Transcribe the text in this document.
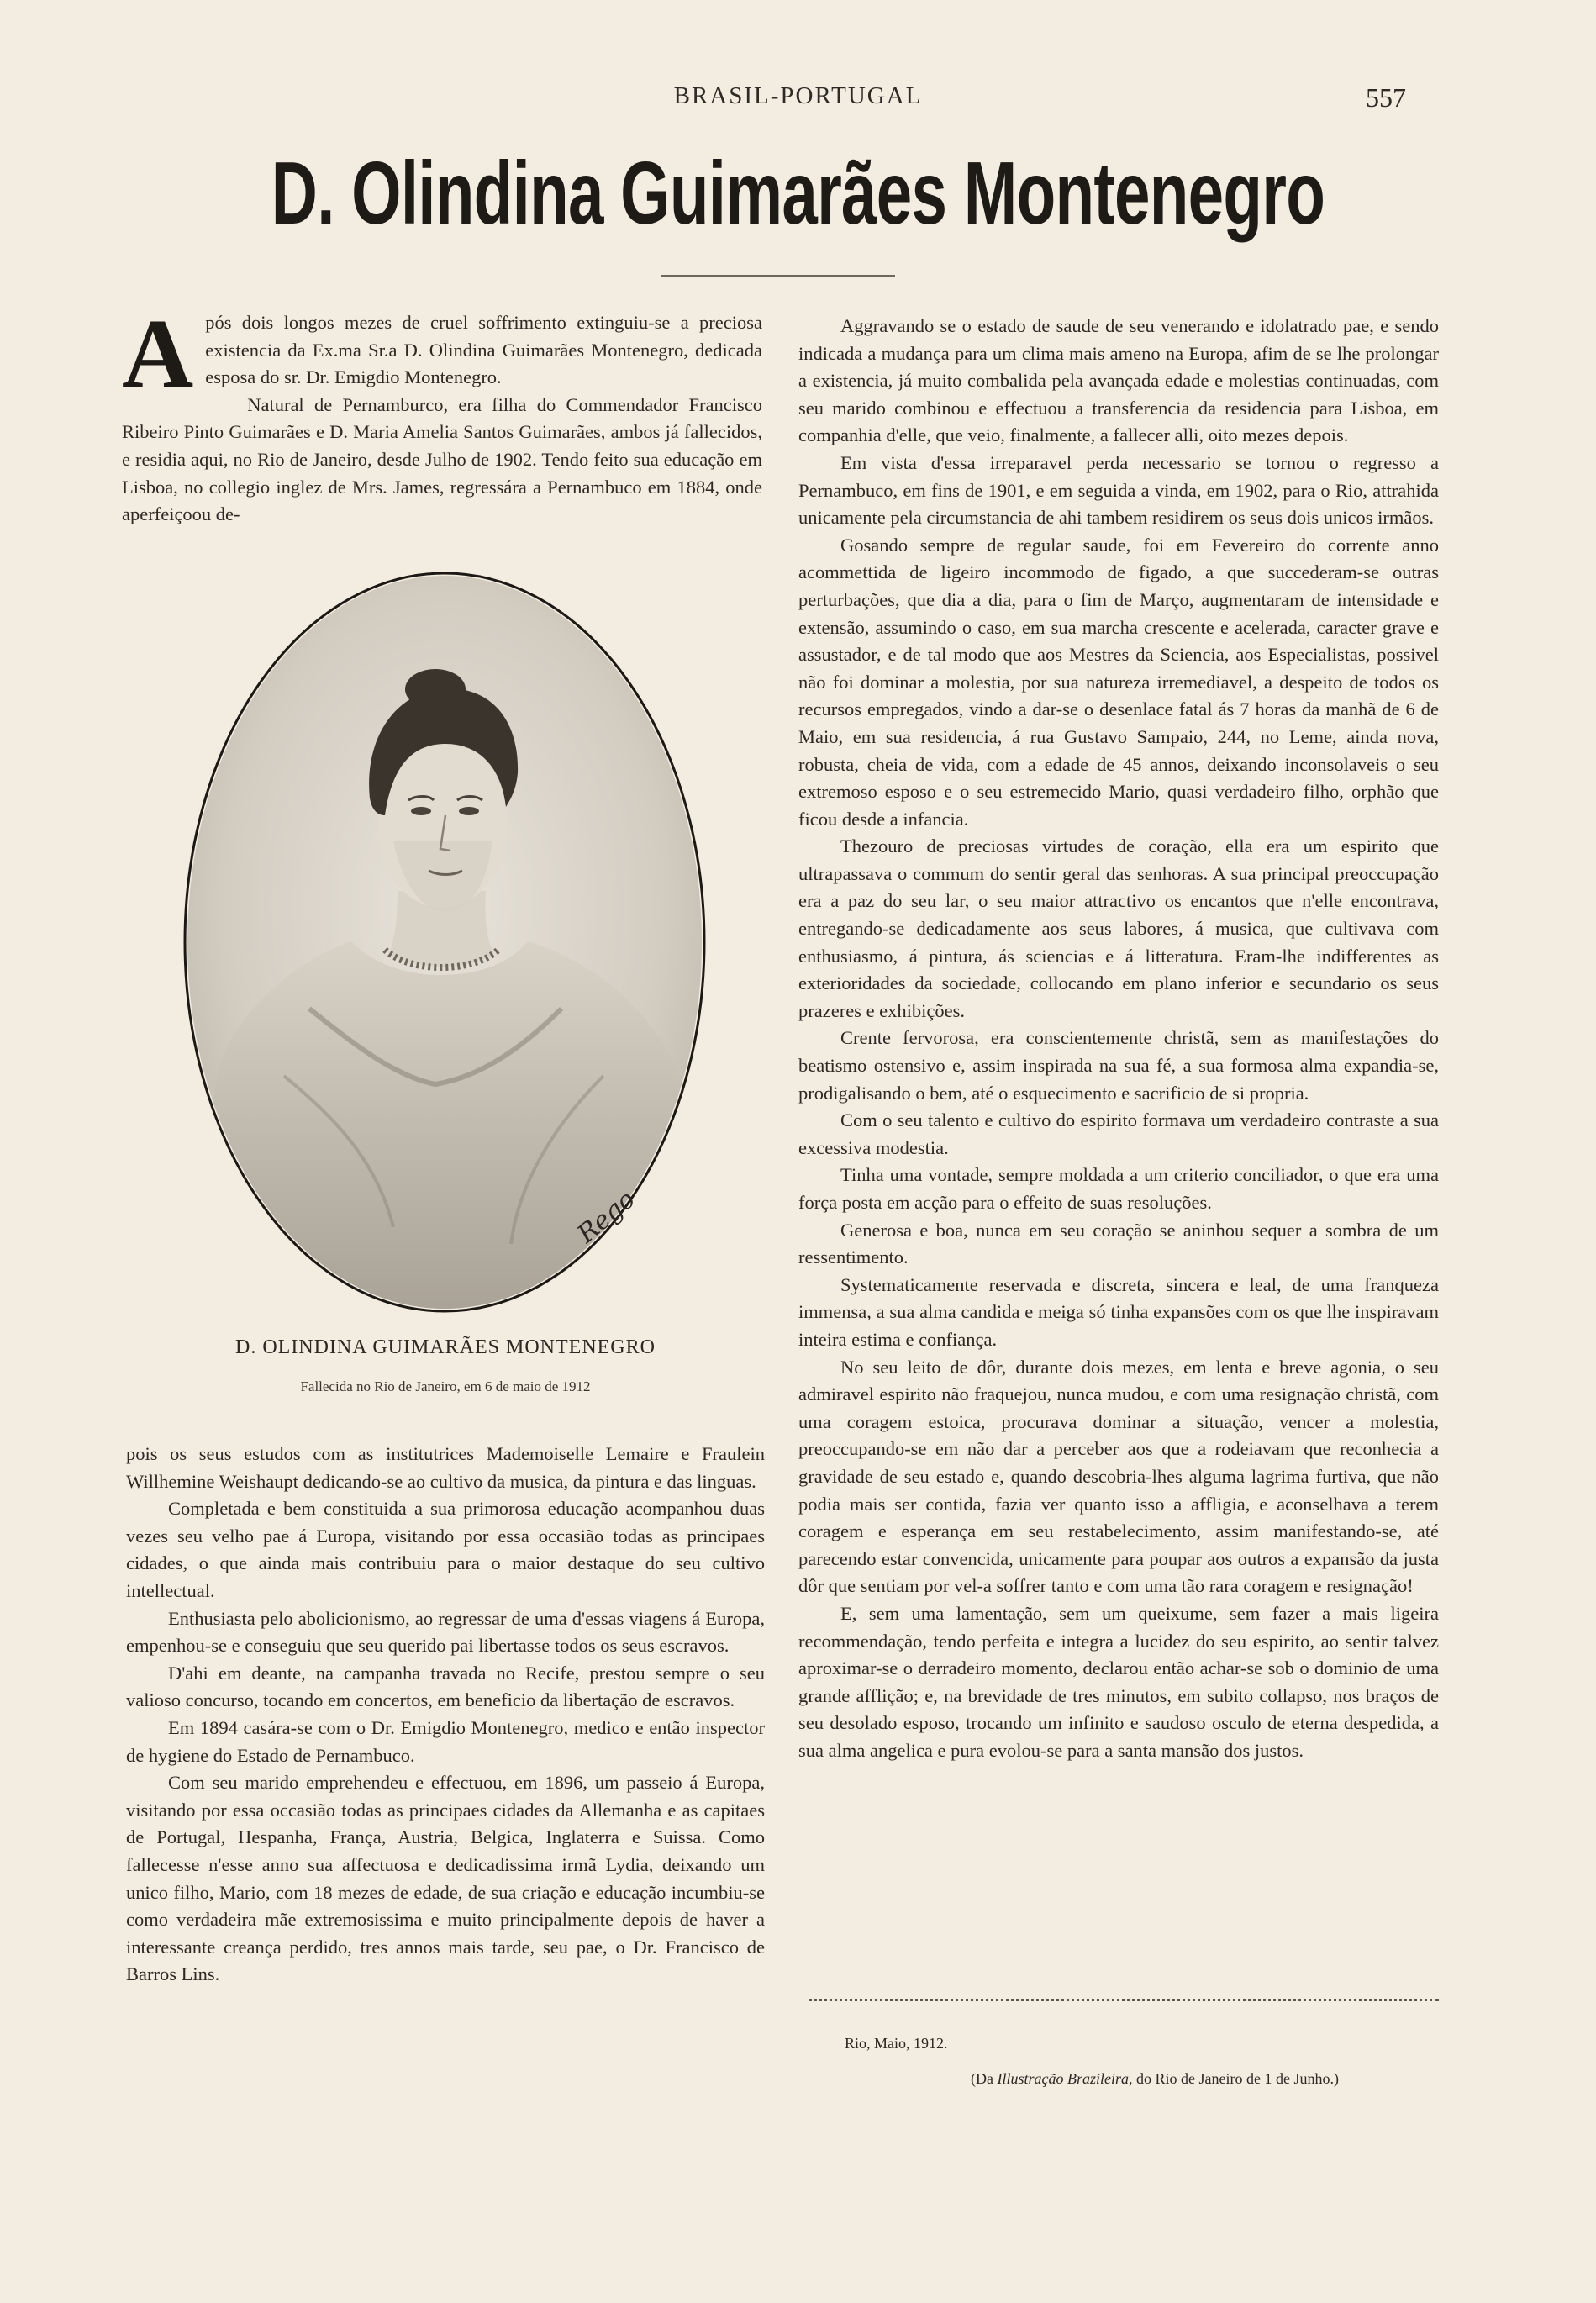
BRASIL-PORTUGAL	557
D. Olindina Guimarães Montenegro

Após dois longos mezes de cruel soffrimento extinguiu-se a preciosa existencia da Ex.ma Sr.a D. Olindina Guimarães Montenegro, dedicada esposa do sr. Dr. Emigdio Montenegro.

Natural de Pernamburco, era filha do Commendador Francisco Ribeiro Pinto Guimarães e D. Maria Amelia Santos Guimarães, ambos já fallecidos, e residia aqui, no Rio de Janeiro, desde Julho de 1902. Tendo feito sua educação em Lisboa, no collegio inglez de Mrs. James, regressára a Pernambuco em 1884, onde aperfeiçoou de-

Rego
D. OLINDINA GUIMARÃES MONTENEGRO
Fallecida no Rio de Janeiro, em 6 de maio de 1912

pois os seus estudos com as institutrices Mademoiselle Lemaire e Fraulein Willhemine Weishaupt dedicando-se ao cultivo da musica, da pintura e das linguas.

Completada e bem constituida a sua primorosa educação acompanhou duas vezes seu velho pae á Europa, visitando por essa occasião todas as principaes cidades, o que ainda mais contribuiu para o maior destaque do seu cultivo intellectual.

Enthusiasta pelo abolicionismo, ao regressar de uma d'essas viagens á Europa, empenhou-se e conseguiu que seu querido pai libertasse todos os seus escravos.

D'ahi em deante, na campanha travada no Recife, prestou sempre o seu valioso concurso, tocando em concertos, em beneficio da libertação de escravos.

Em 1894 casára-se com o Dr. Emigdio Montenegro, medico e então inspector de hygiene do Estado de Pernambuco.

Com seu marido emprehendeu e effectuou, em 1896, um passeio á Europa, visitando por essa occasião todas as principaes cidades da Allemanha e as capitaes de Portugal, Hespanha, França, Austria, Belgica, Inglaterra e Suissa. Como fallecesse n'esse anno sua affectuosa e dedicadissima irmã Lydia, deixando um unico filho, Mario, com 18 mezes de edade, de sua criação e educação incumbiu-se como verdadeira mãe extremosissima e muito principalmente depois de haver a interessante creança perdido, tres annos mais tarde, seu pae, o Dr. Francisco de Barros Lins.

Aggravando se o estado de saude de seu venerando e idolatrado pae, e sendo indicada a mudança para um clima mais ameno na Europa, afim de se lhe prolongar a existencia, já muito combalida pela avançada edade e molestias continuadas, com seu marido combinou e effectuou a transferencia da residencia para Lisboa, em companhia d'elle, que veio, finalmente, a fallecer alli, oito mezes depois.

Em vista d'essa irreparavel perda necessario se tornou o regresso a Pernambuco, em fins de 1901, e em seguida a vinda, em 1902, para o Rio, attrahida unicamente pela circumstancia de ahi tambem residirem os seus dois unicos irmãos.

Gosando sempre de regular saude, foi em Fevereiro do corrente anno acommettida de ligeiro incommodo de figado, a que succederam-se outras perturbações, que dia a dia, para o fim de Março, augmentaram de intensidade e extensão, assumindo o caso, em sua marcha crescente e acelerada, caracter grave e assustador, e de tal modo que aos Mestres da Sciencia, aos Especialistas, possivel não foi dominar a molestia, por sua natureza irremediavel, a despeito de todos os recursos empregados, vindo a dar-se o desenlace fatal ás 7 horas da manhã de 6 de Maio, em sua residencia, á rua Gustavo Sampaio, 244, no Leme, ainda nova, robusta, cheia de vida, com a edade de 45 annos, deixando inconsolaveis o seu extremoso esposo e o seu estremecido Mario, quasi verdadeiro filho, orphão que ficou desde a infancia.

Thezouro de preciosas virtudes de coração, ella era um espirito que ultrapassava o commum do sentir geral das senhoras. A sua principal preoccupação era a paz do seu lar, o seu maior attractivo os encantos que n'elle encontrava, entregando-se dedicadamente aos seus labores, á musica, que cultivava com enthusiasmo, á pintura, ás sciencias e á litteratura. Eram-lhe indifferentes as exterioridades da sociedade, collocando em plano inferior e secundario os seus prazeres e exhibições.

Crente fervorosa, era conscientemente christã, sem as manifestações do beatismo ostensivo e, assim inspirada na sua fé, a sua formosa alma expandia-se, prodigalisando o bem, até o esquecimento e sacrificio de si propria.

Com o seu talento e cultivo do espirito formava um verdadeiro contraste a sua excessiva modestia.

Tinha uma vontade, sempre moldada a um criterio conciliador, o que era uma força posta em acção para o effeito de suas resoluções.

Generosa e boa, nunca em seu coração se aninhou sequer a sombra de um ressentimento.

Systematicamente reservada e discreta, sincera e leal, de uma franqueza immensa, a sua alma candida e meiga só tinha expansões com os que lhe inspiravam inteira estima e confiança.

No seu leito de dôr, durante dois mezes, em lenta e breve agonia, o seu admiravel espirito não fraquejou, nunca mudou, e com uma resignação christã, com uma coragem estoica, procurava dominar a situação, vencer a molestia, preoccupando-se em não dar a perceber aos que a rodeiavam que reconhecia a gravidade de seu estado e, quando descobria-lhes alguma lagrima furtiva, que não podia mais ser contida, fazia ver quanto isso a affligia, e aconselhava a terem coragem e esperança em seu restabelecimento, assim manifestando-se, até parecendo estar convencida, unicamente para poupar aos outros a expansão da justa dôr que sentiam por vel-a soffrer tanto e com uma tão rara coragem e resignação!

E, sem uma lamentação, sem um queixume, sem fazer a mais ligeira recommendação, tendo perfeita e integra a lucidez do seu espirito, ao sentir talvez aproximar-se o derradeiro momento, declarou então achar-se sob o dominio de uma grande afflição; e, na brevidade de tres minutos, em subito collapso, nos braços de seu desolado esposo, trocando um infinito e saudoso osculo de eterna despedida, a sua alma angelica e pura evolou-se para a santa mansão dos justos.

Rio, Maio, 1912.
(Da Illustração Brazileira, do Rio de Janeiro de 1 de Junho.)
